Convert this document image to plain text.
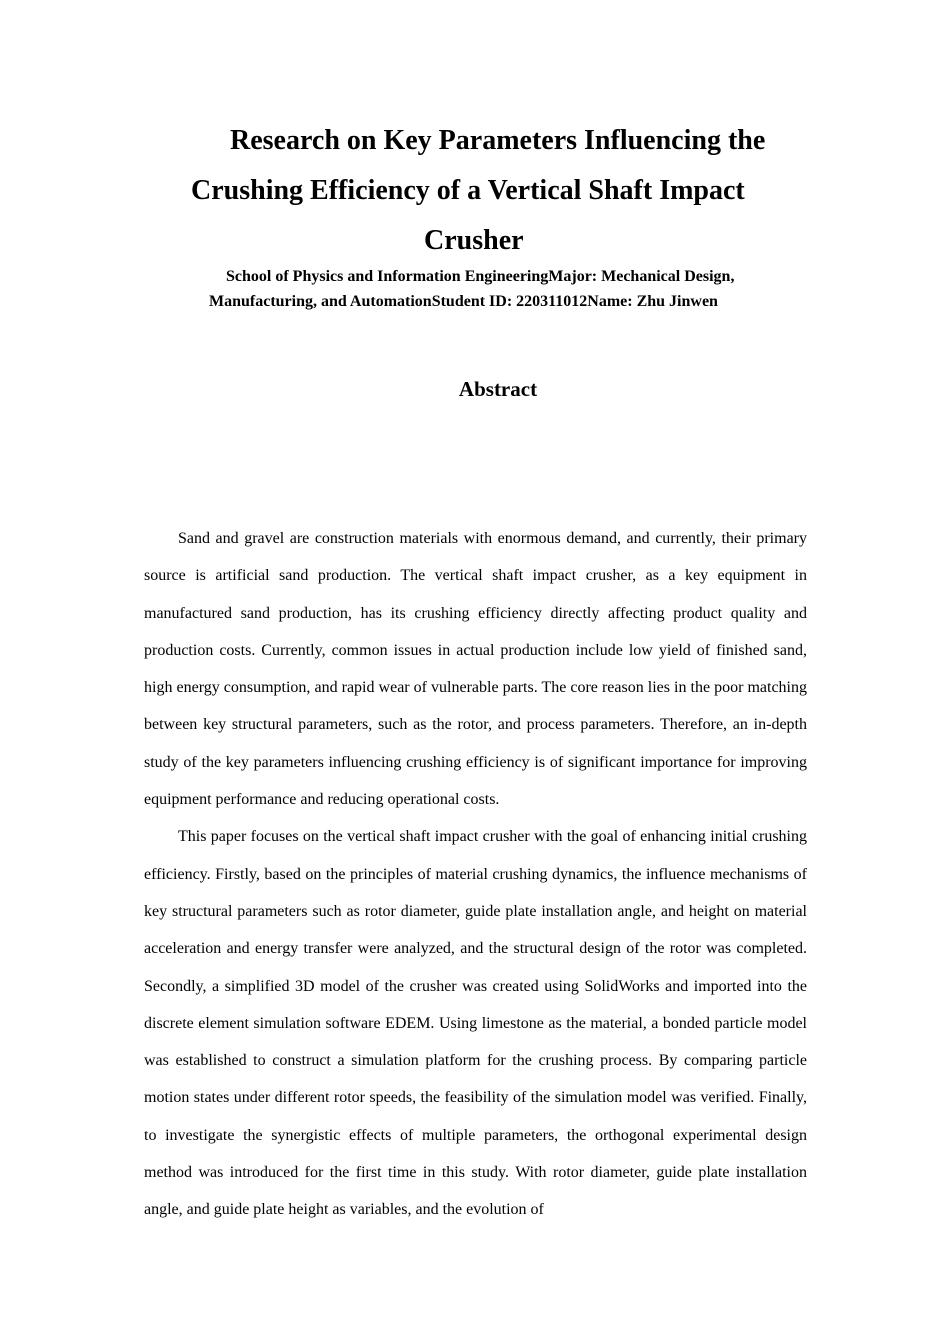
Research on Key Parameters Influencing the
Crushing Efficiency of a Vertical Shaft Impact
Crusher
School of Physics and Information EngineeringMajor: Mechanical Design,
Manufacturing, and AutomationStudent ID: 220311012Name: Zhu Jinwen
Abstract

Sand and gravel are construction materials with enormous demand, and currently, their primary source is artificial sand production. The vertical shaft impact crusher, as a key equipment in manufactured sand production, has its crushing efficiency directly affecting product quality and production costs. Currently, common issues in actual production include low yield of finished sand, high energy consumption, and rapid wear of vulnerable parts. The core reason lies in the poor matching between key structural parameters, such as the rotor, and process parameters. Therefore, an in-depth study of the key parameters influencing crushing efficiency is of significant importance for improving equipment performance and reducing operational costs.

This paper focuses on the vertical shaft impact crusher with the goal of enhancing initial crushing efficiency. Firstly, based on the principles of material crushing dynamics, the influence mechanisms of key structural parameters such as rotor diameter, guide plate installation angle, and height on material acceleration and energy transfer were analyzed, and the structural design of the rotor was completed. Secondly, a simplified 3D model of the crusher was created using SolidWorks and imported into the discrete element simulation software EDEM. Using limestone as the material, a bonded particle model was established to construct a simulation platform for the crushing process. By comparing particle motion states under different rotor speeds, the feasibility of the simulation model was verified. Finally, to investigate the synergistic effects of multiple parameters, the orthogonal experimental design method was introduced for the first time in this study. With rotor diameter, guide plate installation angle, and guide plate height as variables, and the evolution of
